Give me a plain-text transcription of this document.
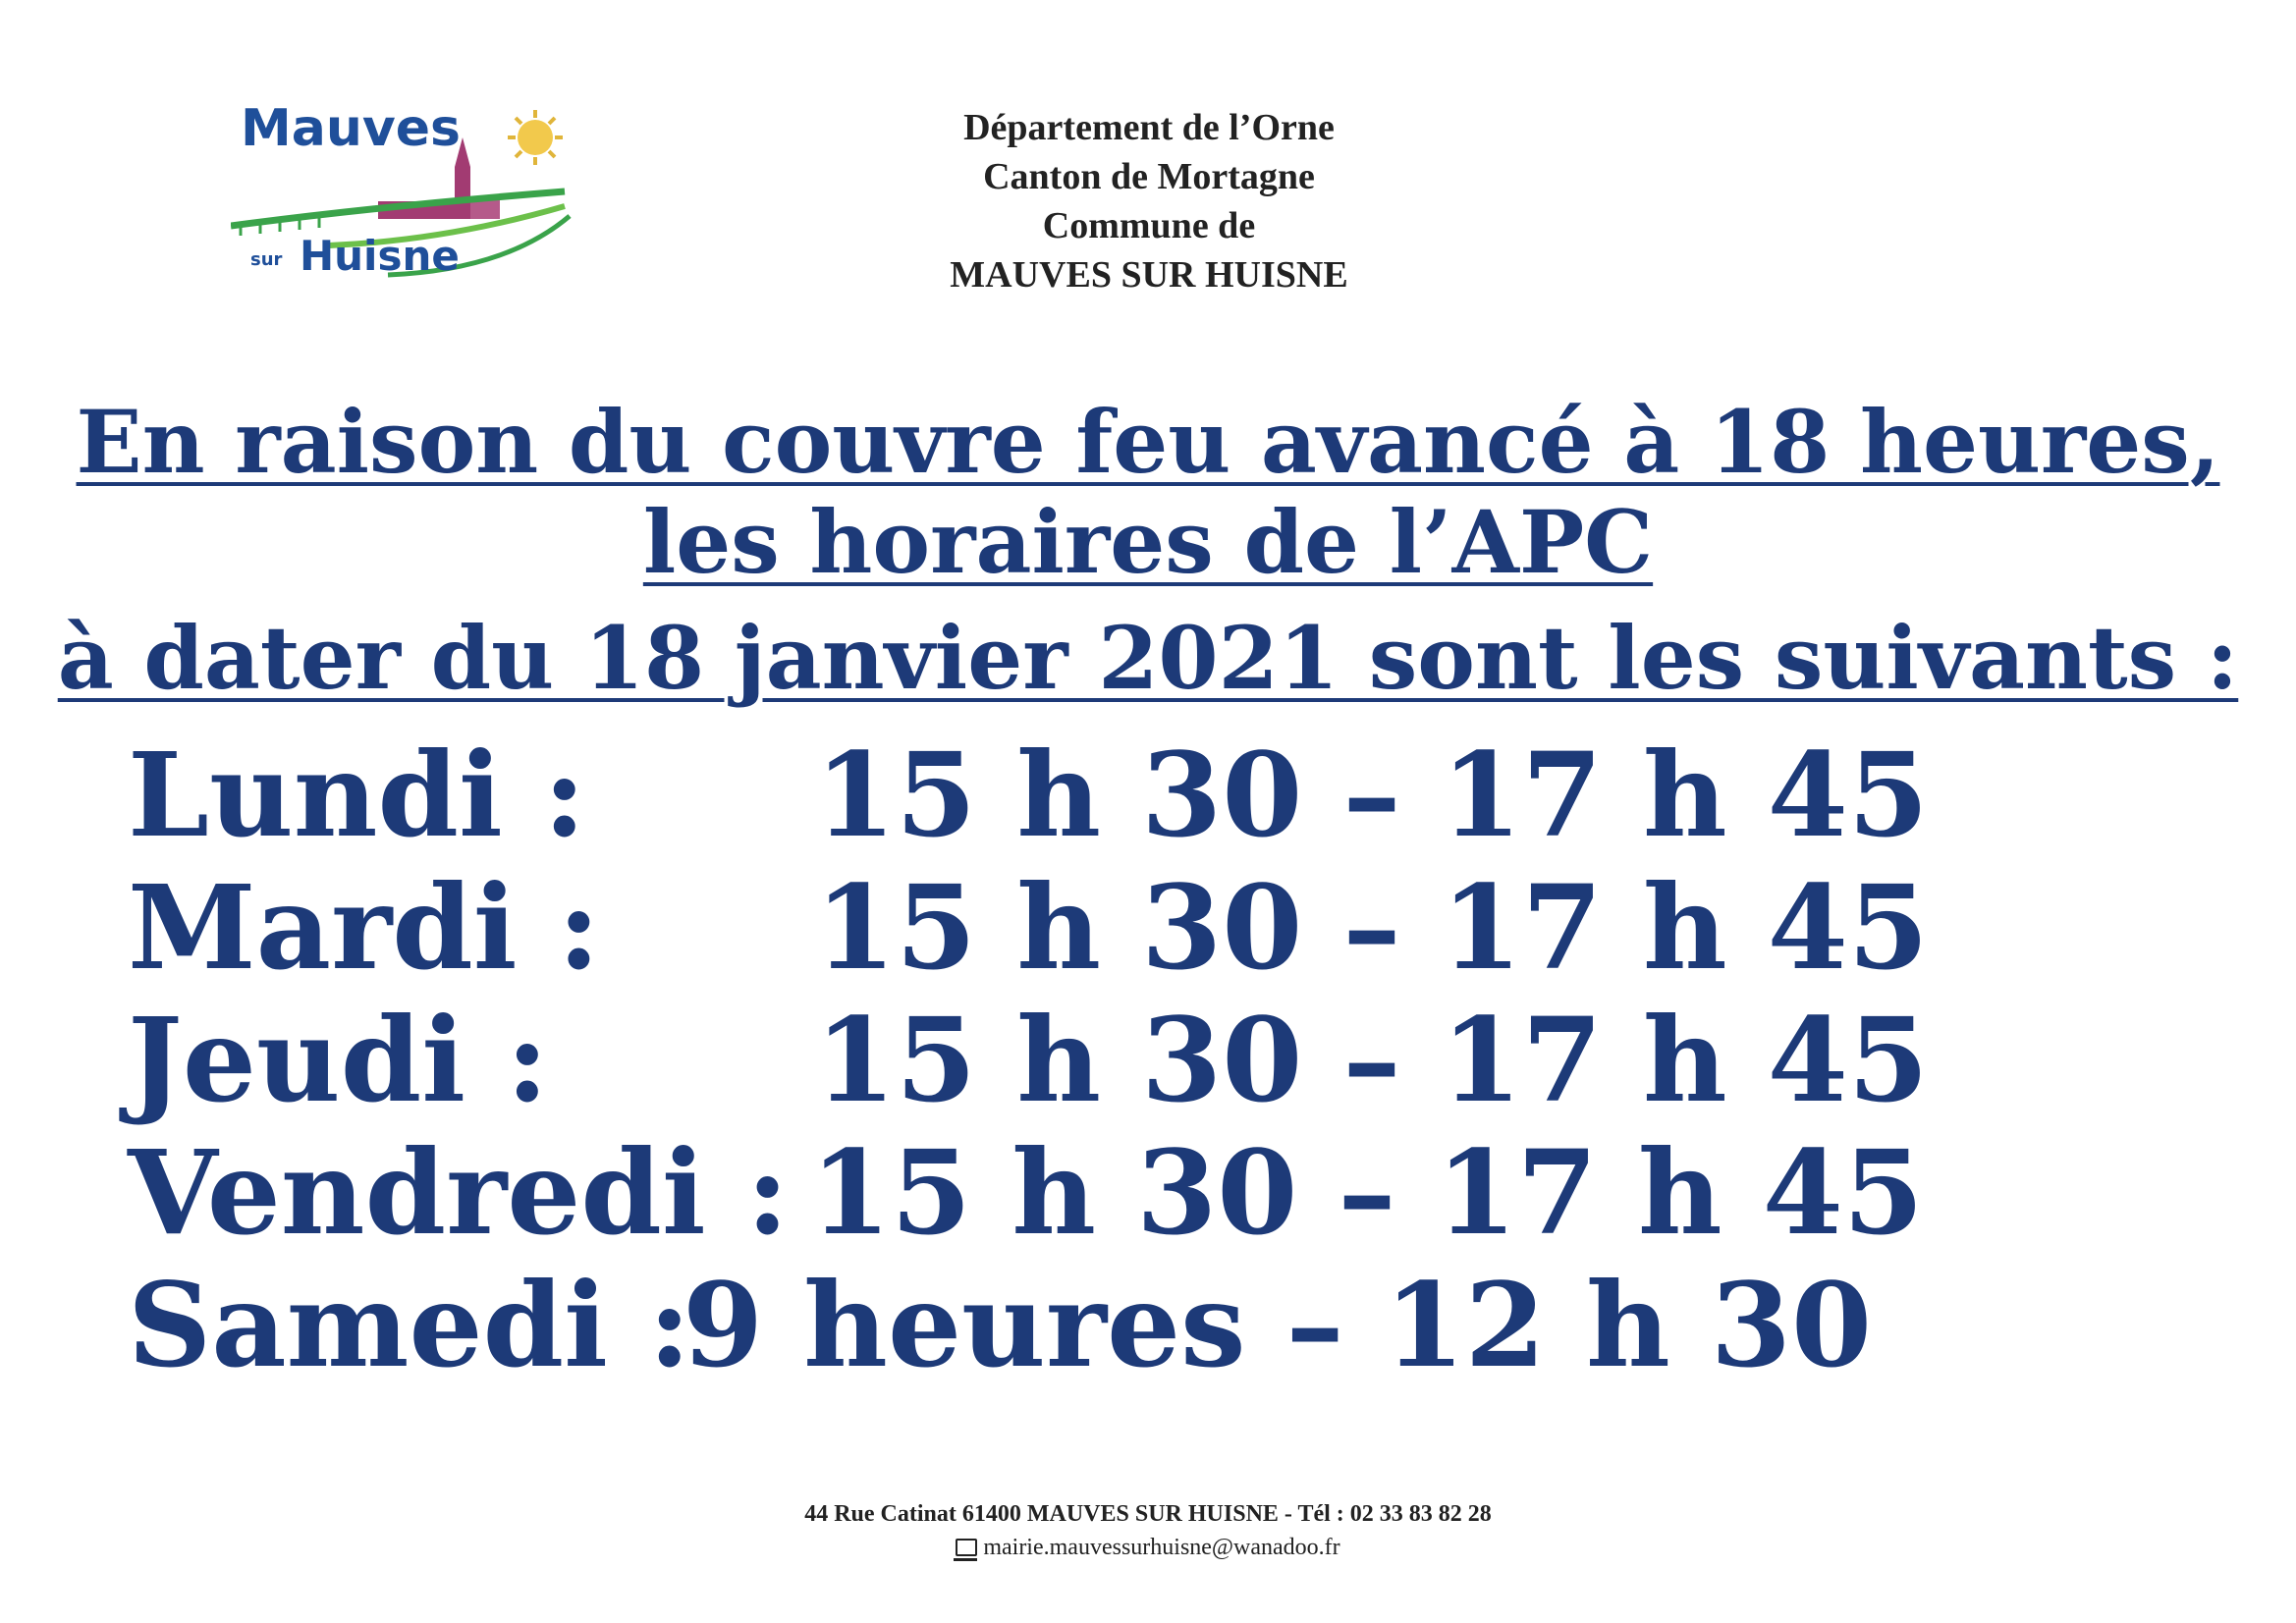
Mauves
sur Huisne
Département de l’Orne
Canton de Mortagne
Commune de
MAUVES SUR HUISNE
En raison du couvre feu avancé à 18 heures,
les horaires de l’APC
à dater du 18 janvier 2021 sont les suivants :
Lundi : 15 h 30 – 17 h 45
Mardi : 15 h 30 – 17 h 45
Jeudi : 15 h 30 – 17 h 45
Vendredi : 15 h 30 – 17 h 45
Samedi :
9 heures – 12 h 30
44 Rue Catinat 61400 MAUVES SUR HUISNE - Tél : 02 33 83 82 28
mairie.mauvessurhuisne@wanadoo.fr
